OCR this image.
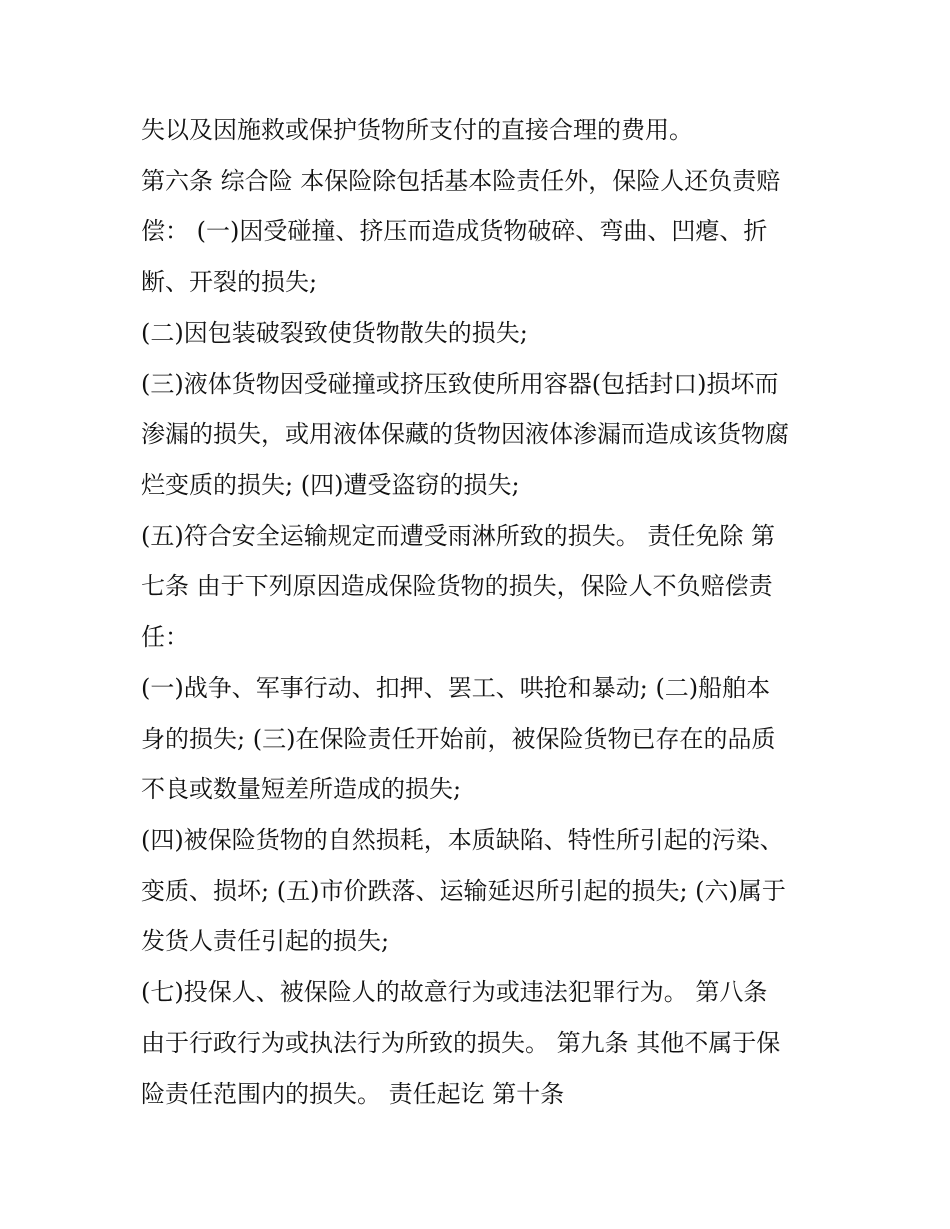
失以及因施救或保护货物所支付的直接合理的费用。
第六条 综合险 本保险除包括基本险责任外，保险人还负责赔
偿： (一)因受碰撞、挤压而造成货物破碎、弯曲、凹瘪、折
断、开裂的损失;
(二)因包装破裂致使货物散失的损失;
(三)液体货物因受碰撞或挤压致使所用容器(包括封口)损坏而
渗漏的损失，或用液体保藏的货物因液体渗漏而造成该货物腐
烂变质的损失; (四)遭受盗窃的损失;
(五)符合安全运输规定而遭受雨淋所致的损失。 责任免除 第
七条 由于下列原因造成保险货物的损失，保险人不负赔偿责
任：
(一)战争、军事行动、扣押、罢工、哄抢和暴动; (二)船舶本
身的损失; (三)在保险责任开始前，被保险货物已存在的品质
不良或数量短差所造成的损失;
(四)被保险货物的自然损耗，本质缺陷、特性所引起的污染、
变质、损坏; (五)市价跌落、运输延迟所引起的损失; (六)属于
发货人责任引起的损失;
(七)投保人、被保险人的故意行为或违法犯罪行为。 第八条
由于行政行为或执法行为所致的损失。 第九条 其他不属于保
险责任范围内的损失。 责任起讫 第十条
